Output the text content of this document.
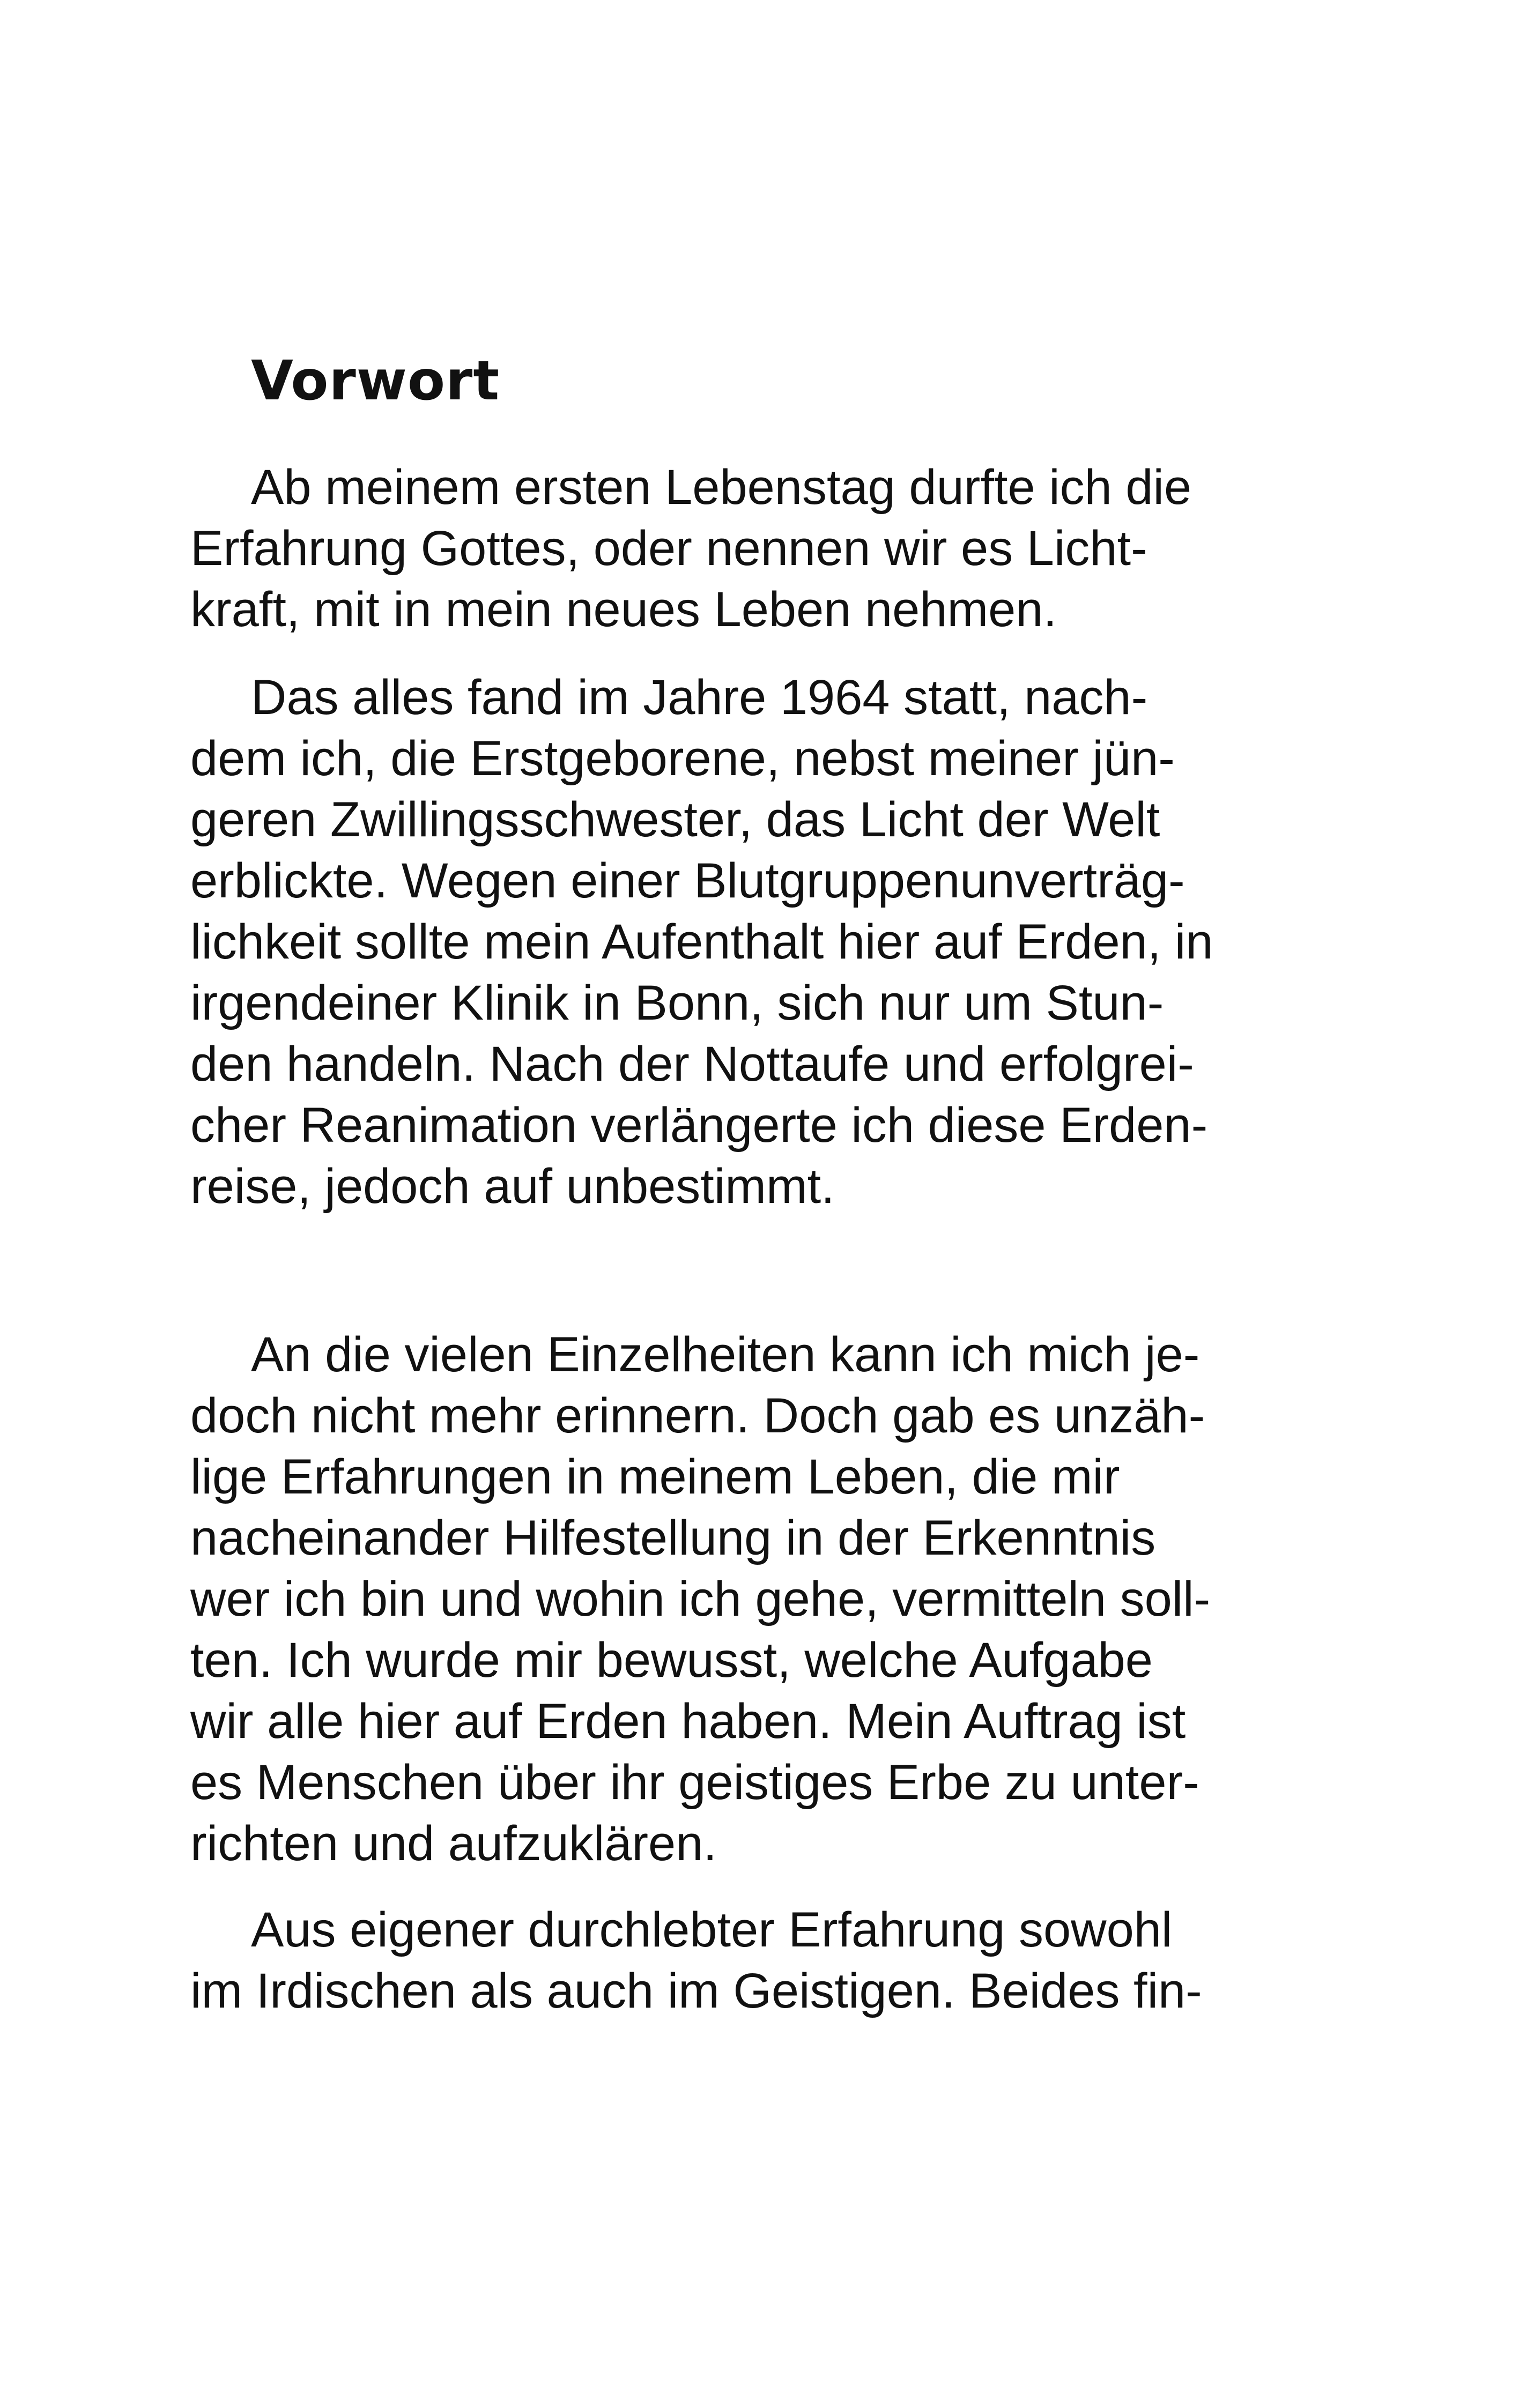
Vorwort

Ab meinem ersten Lebenstag durfte ich die
Erfahrung Gottes, oder nennen wir es Licht-
kraft, mit in mein neues Leben nehmen.

Das alles fand im Jahre 1964 statt, nach-
dem ich, die Erstgeborene, nebst meiner jün-
geren Zwillingsschwester, das Licht der Welt
erblickte. Wegen einer Blutgruppenunverträg-
lichkeit sollte mein Aufenthalt hier auf Erden, in
irgendeiner Klinik in Bonn, sich nur um Stun-
den handeln. Nach der Nottaufe und erfolgrei-
cher Reanimation verlängerte ich diese Erden-
reise, jedoch auf unbestimmt.

An die vielen Einzelheiten kann ich mich je-
doch nicht mehr erinnern. Doch gab es unzäh-
lige Erfahrungen in meinem Leben, die mir
nacheinander Hilfestellung in der Erkenntnis
wer ich bin und wohin ich gehe, vermitteln soll-
ten. Ich wurde mir bewusst, welche Aufgabe
wir alle hier auf Erden haben. Mein Auftrag ist
es Menschen über ihr geistiges Erbe zu unter-
richten und aufzuklären.

Aus eigener durchlebter Erfahrung sowohl
im Irdischen als auch im Geistigen. Beides fin-
